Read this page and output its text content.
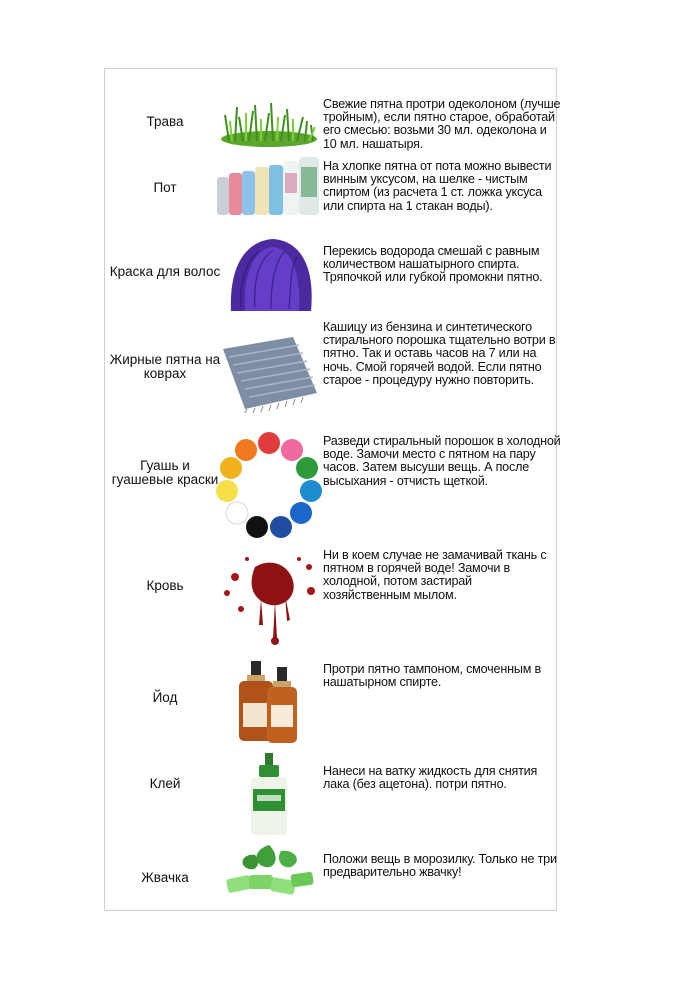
Трава
Свежие пятна протри одеколоном (лучше тройным), если пятно старое, обработай его смесью: возьми 30 мл. одеколона и 10 мл. нашатыря.
Пот
На хлопке пятна от пота можно вывести винным уксусом, на шелке - чистым спиртом (из расчета 1 ст. ложка уксуса или спирта на 1 стакан воды).
Краска для волос
Перекись водорода смешай с равным количеством нашатырного спирта. Тряпочкой или губкой промокни пятно.
Жирные пятна на коврах
Кашицу из бензина и синтетического стирального порошка тщательно вотри в пятно. Так и оставь часов на 7 или на ночь. Смой горячей водой. Если пятно старое - процедуру нужно повторить.
Гуашь и гуашевые краски
Разведи стиральный порошок в холодной воде. Замочи место с пятном на пару часов. Затем высуши вещь. А после высыхания - отчисть щеткой.
Кровь
Ни в коем случае не замачивай ткань с пятном в горячей воде! Замочи в холодной, потом застирай хозяйственным мылом.
Йод
Протри пятно тампоном, смоченным в нашатырном спирте.
Клей
Нанеси на ватку жидкость для снятия лака (без ацетона). потри пятно.
Жвачка
Положи вещь в морозилку. Только не три предварительно жвачку!
